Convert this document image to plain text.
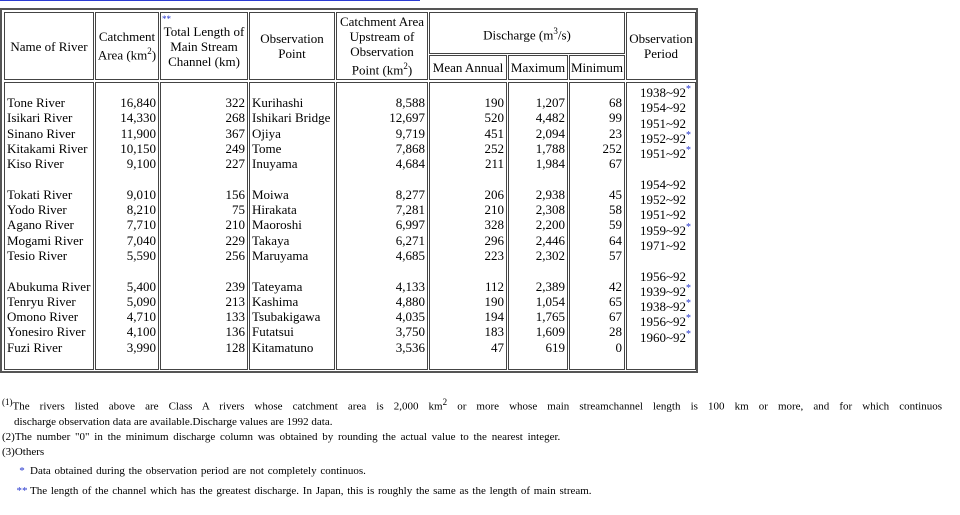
Name of River
Catchment
Area $(km^2)$
Total Length of
Main Stream
Channel (km)
**
Observation
Point
Catchment Area
Upstream of
Observation
Point $(km^2)$
Discharge $(m^3/s)$
Mean Annual Maximum Minimum
Observation
Period
Tone River
Isikari River
Sinano River
Kitakami River
Kiso River
Tokati River
Yodo River
Agano River
Mogami River
Tesio River
Abukuma River
Tenryu River
Omono River
Yonesiro River
Fuzi River
16,840
14,330
11,900
10,150
9,100
9,010
8,210
7,710
7,040
5,590
5,400
5,090
4,710
4,100
3,990
322
268
367
249
227
156
75
210
229
256
239
213
133
136
128
Kurihashi
Ishikari Bridge
Ojiya
Tome
Inuyama
Moiwa
Hirakata
Maoroshi
Takaya
Maruyama
Tateyama
Kashima
Tsubakigawa
Futatsui
Kitamatuno
8,588
12,697
9,719
7,868
4,684
8,277
7,281
6,997
6,271
4,685
4,133
4,880
4,035
3,750
3,536
190
520
451
252
211
206
210
328
296
223
112
190
194
183
47
1,207
4,482
2,094
1,788
1,984
2,938
2,308
2,200
2,446
2,302
2,389
1,054
1,765
1,609
619
68
99
23
252
67
45
58
59
64
57
42
65
67
28
0
1938~92*
1954~92
1951~92
1952~92*
1951~92*
1954~92
1952~92
1951~92
1959~92*
1971~92
1956~92
1939~92*
1938~92*
1956~92*
1960~92*

$^{(1)}$The rivers listed above are Class A rivers whose catchment area is 2,000 $km^2$ or more whose main streamchannel length is 100 km or more, and for which continuos

discharge observation data are available.Discharge values are 1992 data.

(2)The number "0" in the minimum discharge column was obtained by rounding the actual value to the nearest integer.

(3)Others

* Data obtained during the observation period are not completely continuos.

** The length of the channel which has the greatest discharge. In Japan, this is roughly the same as the length of main stream.
